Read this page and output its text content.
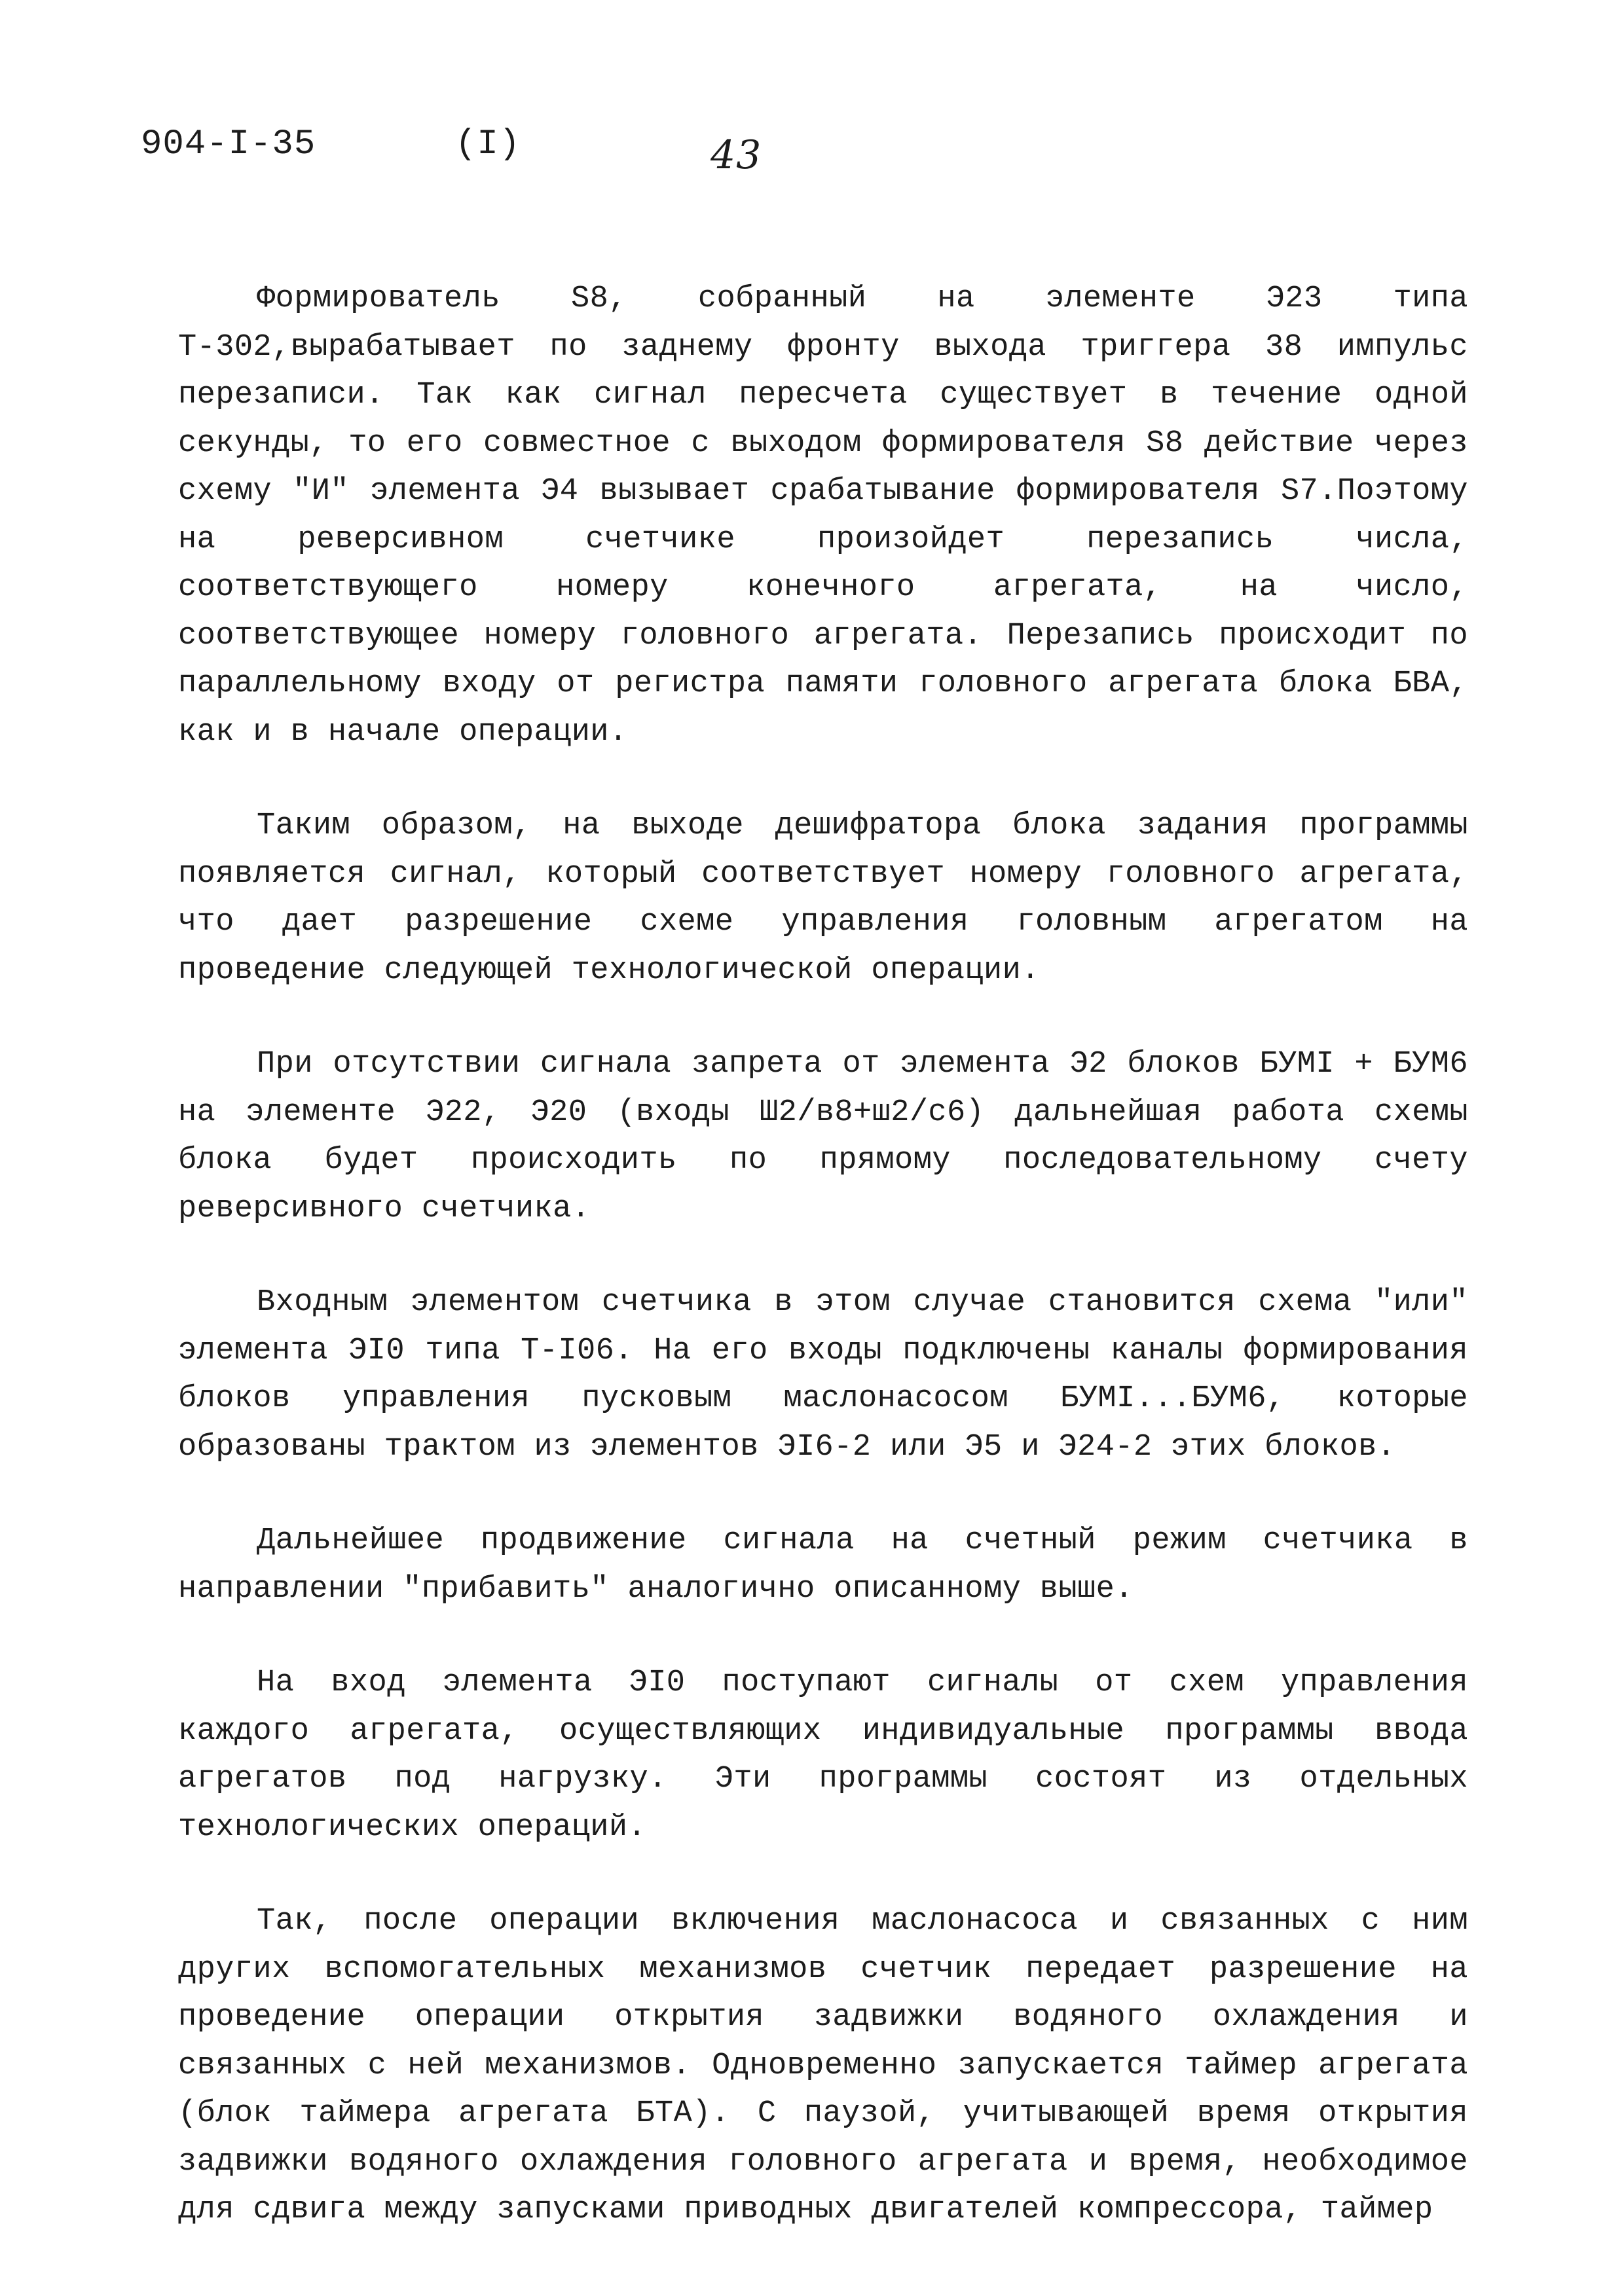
904-I-35	(I)	43

Формирователь S8, собранный на элементе Э23 типа Т-302,вырабатывает по заднему фронту выхода триггера 38 импульс перезаписи. Так как сигнал пересчета существует в течение одной секунды, то его совместное с выходом формирователя S8 действие через схему "И" элемента Э4 вызывает срабатывание формирователя S7.Поэтому на реверсивном счетчике произойдет перезапись числа, соответствующего номеру конечного агрегата, на число, соответствующее номеру головного агрегата. Перезапись происходит по параллельному входу от регистра памяти головного агрегата блока БВА, как и в начале операции.

Таким образом, на выходе дешифратора блока задания программы появляется сигнал, который соответствует номеру головного агрегата, что дает разрешение схеме управления головным агрегатом на проведение следующей технологической операции.

При отсутствии сигнала запрета от элемента Э2 блоков БУМI + БУМ6 на элементе Э22, Э20 (входы Ш2/в8+ш2/с6) дальнейшая работа схемы блока будет происходить по прямому последовательному счету реверсивного счетчика.

Входным элементом счетчика в этом случае становится схема "или" элемента ЭI0 типа Т-I06. На его входы подключены каналы формирования блоков управления пусковым маслонасосом БУМI...БУМ6, которые образованы трактом из элементов ЭI6-2 или Э5 и Э24-2 этих блоков.

Дальнейшее продвижение сигнала на счетный режим счетчика в направлении "прибавить" аналогично описанному выше.

На вход элемента ЭI0 поступают сигналы от схем управления каждого агрегата, осуществляющих индивидуальные программы ввода агрегатов под нагрузку. Эти программы состоят из отдельных технологических операций.

Так, после операции включения маслонасоса и связанных с ним других вспомогательных механизмов счетчик передает разрешение на проведение операции открытия задвижки водяного охлаждения и связанных с ней механизмов. Одновременно запускается таймер агрегата (блок таймера агрегата БТА). С паузой, учитывающей время открытия задвижки водяного охлаждения головного агрегата и время, необходимое для сдвига между запусками приводных двигателей компрессора, таймер
